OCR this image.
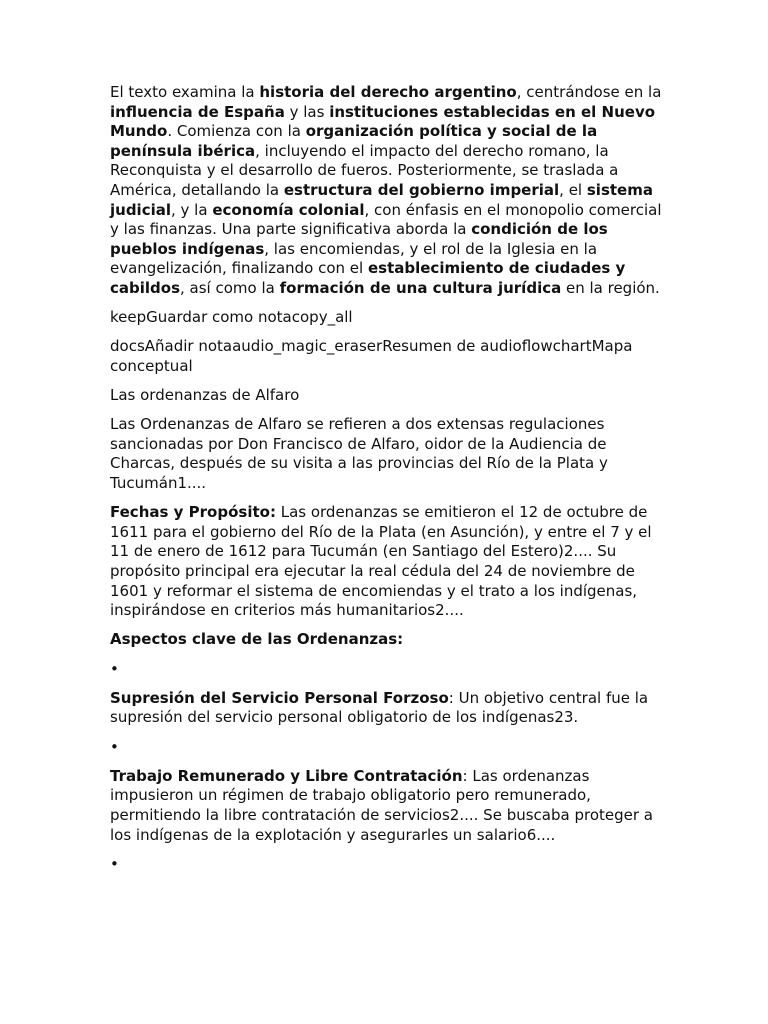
El texto examina la historia del derecho argentino, centrándose en la influencia de España y las instituciones establecidas en el Nuevo Mundo. Comienza con la organización política y social de la península ibérica, incluyendo el impacto del derecho romano, la Reconquista y el desarrollo de fueros. Posteriormente, se traslada a América, detallando la estructura del gobierno imperial, el sistema judicial, y la economía colonial, con énfasis en el monopolio comercial y las finanzas. Una parte significativa aborda la condición de los pueblos indígenas, las encomiendas, y el rol de la Iglesia en la evangelización, finalizando con el establecimiento de ciudades y cabildos, así como la formación de una cultura jurídica en la región.

keepGuardar como notacopy_all

docsAñadir notaaudio_magic_eraserResumen de audioflowchartMapa conceptual

Las ordenanzas de Alfaro

Las Ordenanzas de Alfaro se refieren a dos extensas regulaciones sancionadas por Don Francisco de Alfaro, oidor de la Audiencia de Charcas, después de su visita a las provincias del Río de la Plata y Tucumán1....

Fechas y Propósito: Las ordenanzas se emitieron el 12 de octubre de 1611 para el gobierno del Río de la Plata (en Asunción), y entre el 7 y el 11 de enero de 1612 para Tucumán (en Santiago del Estero)2.... Su propósito principal era ejecutar la real cédula del 24 de noviembre de 1601 y reformar el sistema de encomiendas y el trato a los indígenas, inspirándose en criterios más humanitarios2....

Aspectos clave de las Ordenanzas:

•

Supresión del Servicio Personal Forzoso: Un objetivo central fue la supresión del servicio personal obligatorio de los indígenas23.

•

Trabajo Remunerado y Libre Contratación: Las ordenanzas impusieron un régimen de trabajo obligatorio pero remunerado, permitiendo la libre contratación de servicios2.... Se buscaba proteger a los indígenas de la explotación y asegurarles un salario6....

•
